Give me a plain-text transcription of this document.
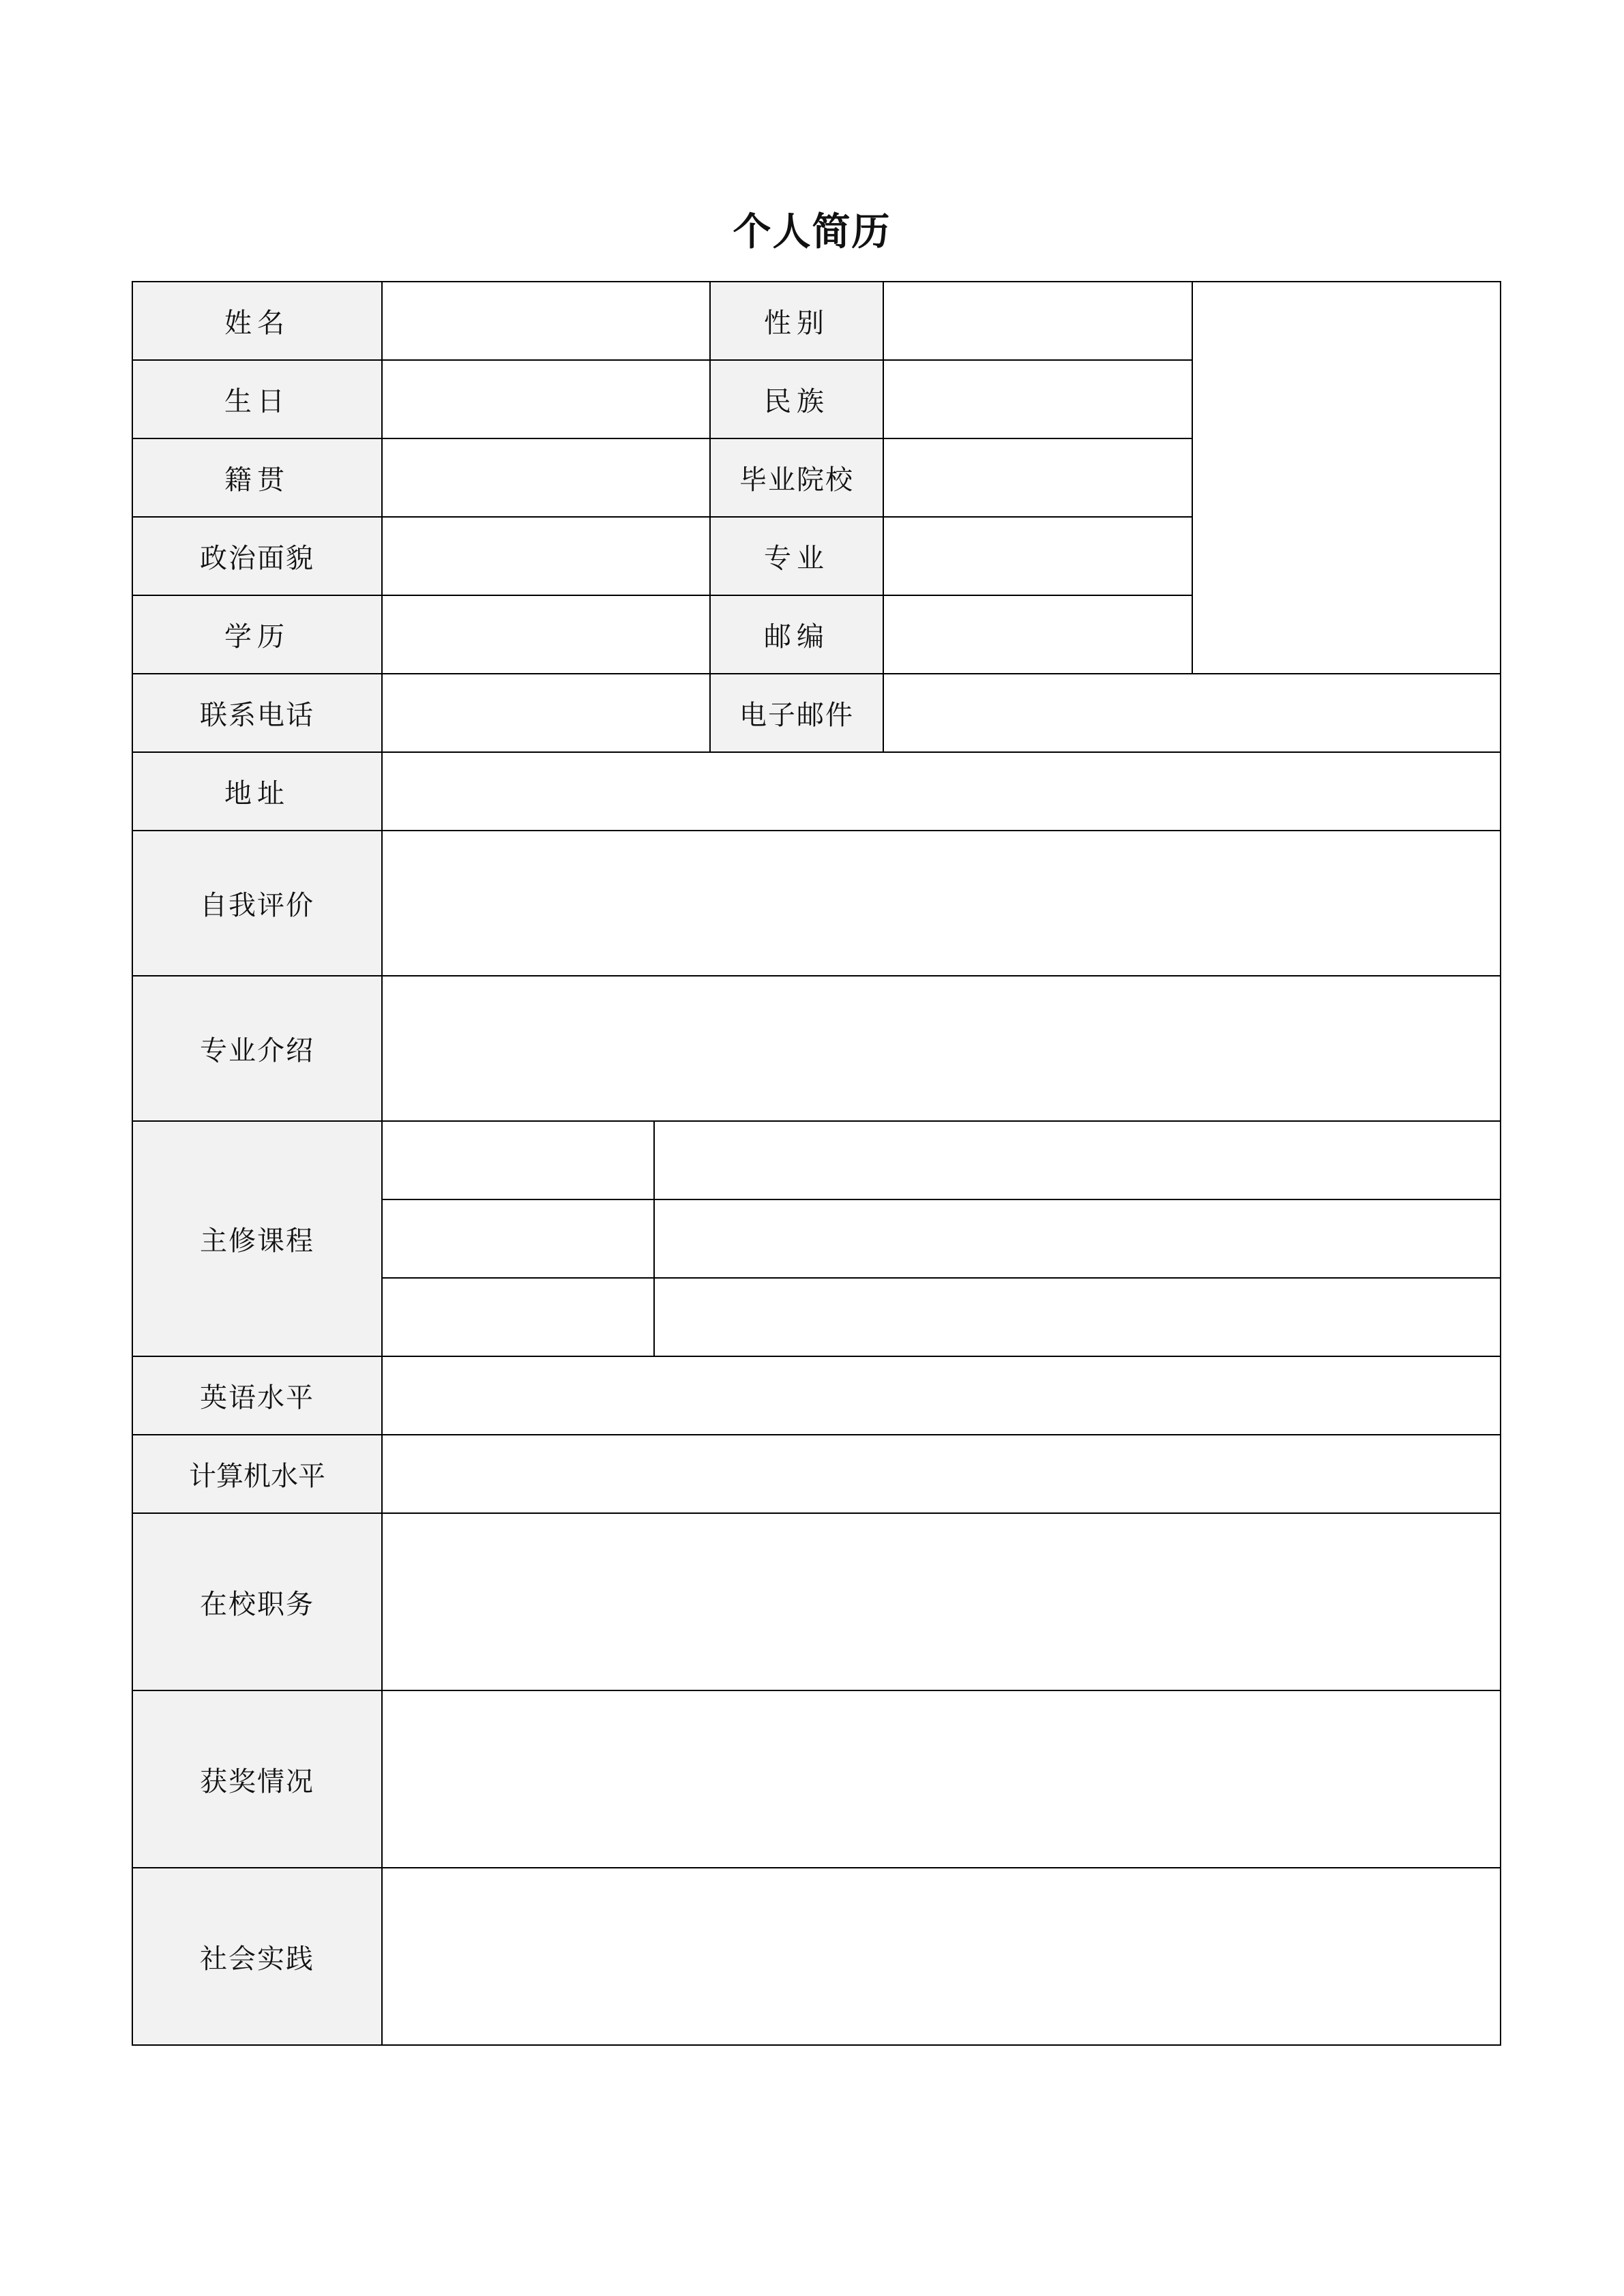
个人简历
姓名			性别		
生日			民族		
籍贯			毕业院校		
政治面貌			专业		
学历			邮编		
联系电话			电子邮件		
地址					
自我评价					
专业介绍					
主修课程					

英语水平					
计算机水平					
在校职务					
获奖情况					
社会实践					
